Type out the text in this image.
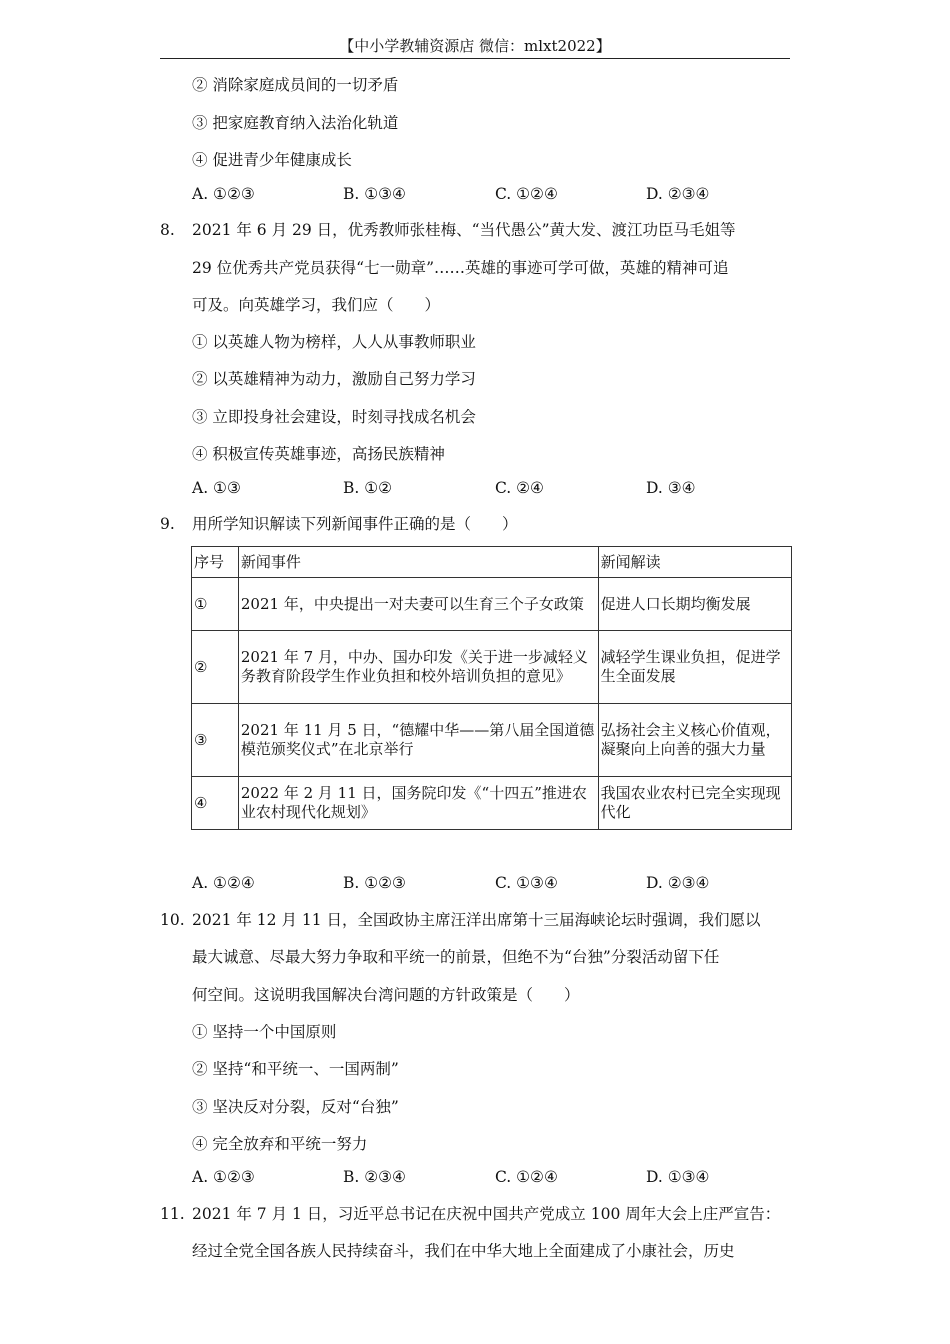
【中小学教辅资源店 微信：mlxt2022】
② 消除家庭成员间的一切矛盾
③ 把家庭教育纳入法治化轨道
④ 促进青少年健康成长
A. ①②③	B. ①③④	C. ①②④	D. ②③④
8. 2021 年 6 月 29 日，优秀教师张桂梅、“当代愚公”黄大发、渡江功臣马毛姐等
29 位优秀共产党员获得“七一勋章”……英雄的事迹可学可做，英雄的精神可追
可及。向英雄学习，我们应（　　）
① 以英雄人物为榜样，人人从事教师职业
② 以英雄精神为动力，激励自己努力学习
③ 立即投身社会建设，时刻寻找成名机会
④ 积极宣传英雄事迹，高扬民族精神
A. ①③	B. ①②	C. ②④	D. ③④
9. 用所学知识解读下列新闻事件正确的是（　　）
序号	新闻事件	新闻解读
①	2021 年，中央提出一对夫妻可以生育三个子女政策	促进人口长期均衡发展
②	2021 年 7 月，中办、国办印发《关于进一步减轻义务教育阶段学生作业负担和校外培训负担的意见》	减轻学生课业负担，促进学生全面发展
③	2021 年 11 月 5 日，“德耀中华——第八届全国道德模范颁奖仪式”在北京举行	弘扬社会主义核心价值观，凝聚向上向善的强大力量
④	2022 年 2 月 11 日，国务院印发《“十四五”推进农业农村现代化规划》	我国农业农村已完全实现现代化
A. ①②④	B. ①②③	C. ①③④	D. ②③④
10. 2021 年 12 月 11 日，全国政协主席汪洋出席第十三届海峡论坛时强调，我们愿以
最大诚意、尽最大努力争取和平统一的前景，但绝不为“台独”分裂活动留下任
何空间。这说明我国解决台湾问题的方针政策是（　　）
① 坚持一个中国原则
② 坚持“和平统一、一国两制”
③ 坚决反对分裂，反对“台独”
④ 完全放弃和平统一努力
A. ①②③	B. ②③④	C. ①②④	D. ①③④
11. 2021 年 7 月 1 日，习近平总书记在庆祝中国共产党成立 100 周年大会上庄严宣告：
经过全党全国各族人民持续奋斗，我们在中华大地上全面建成了小康社会，历史
